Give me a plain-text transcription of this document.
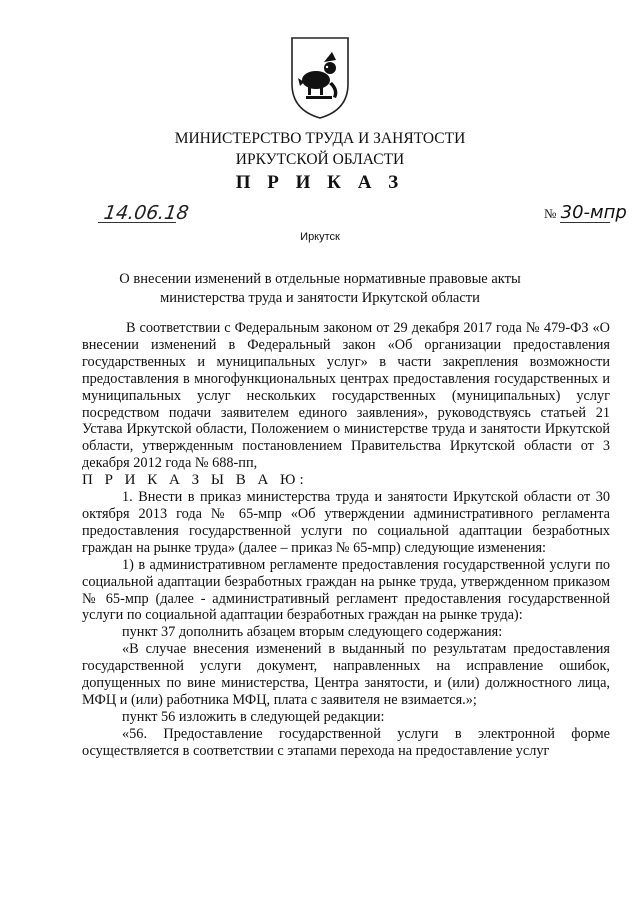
МИНИСТЕРСТВО ТРУДА И ЗАНЯТОСТИ
ИРКУТСКОЙ ОБЛАСТИ
П Р И К А З
14.06.18	№ 30-мпр
Иркутск
О внесении изменений в отдельные нормативные правовые акты
министерства труда и занятости Иркутской области

В соответствии с Федеральным законом от 29 декабря 2017 года № 479-ФЗ «О внесении изменений в Федеральный закон «Об организации предоставления государственных и муниципальных услуг» в части закрепления возможности предоставления в многофункциональных центрах предоставления государственных и муниципальных услуг нескольких государственных (муниципальных) услуг посредством подачи заявителем единого заявления», руководствуясь статьей 21 Устава Иркутской области, Положением о министерстве труда и занятости Иркутской области, утвержденным постановлением Правительства Иркутской области от 3 декабря 2012 года № 688-пп,

П Р И К А З Ы В А Ю:

1. Внести в приказ министерства труда и занятости Иркутской области от 30 октября 2013 года № 65-мпр «Об утверждении административного регламента предоставления государственной услуги по социальной адаптации безработных граждан на рынке труда» (далее – приказ № 65-мпр) следующие изменения:

1) в административном регламенте предоставления государственной услуги по социальной адаптации безработных граждан на рынке труда, утвержденном приказом № 65-мпр (далее - административный регламент предоставления государственной услуги по социальной адаптации безработных граждан на рынке труда):

пункт 37 дополнить абзацем вторым следующего содержания:

«В случае внесения изменений в выданный по результатам предоставления государственной услуги документ, направленных на исправление ошибок, допущенных по вине министерства, Центра занятости, и (или) должностного лица, МФЦ и (или) работника МФЦ, плата с заявителя не взимается.»;

пункт 56 изложить в следующей редакции:

«56. Предоставление государственной услуги в электронной форме осуществляется в соответствии с этапами перехода на предоставление услуг
